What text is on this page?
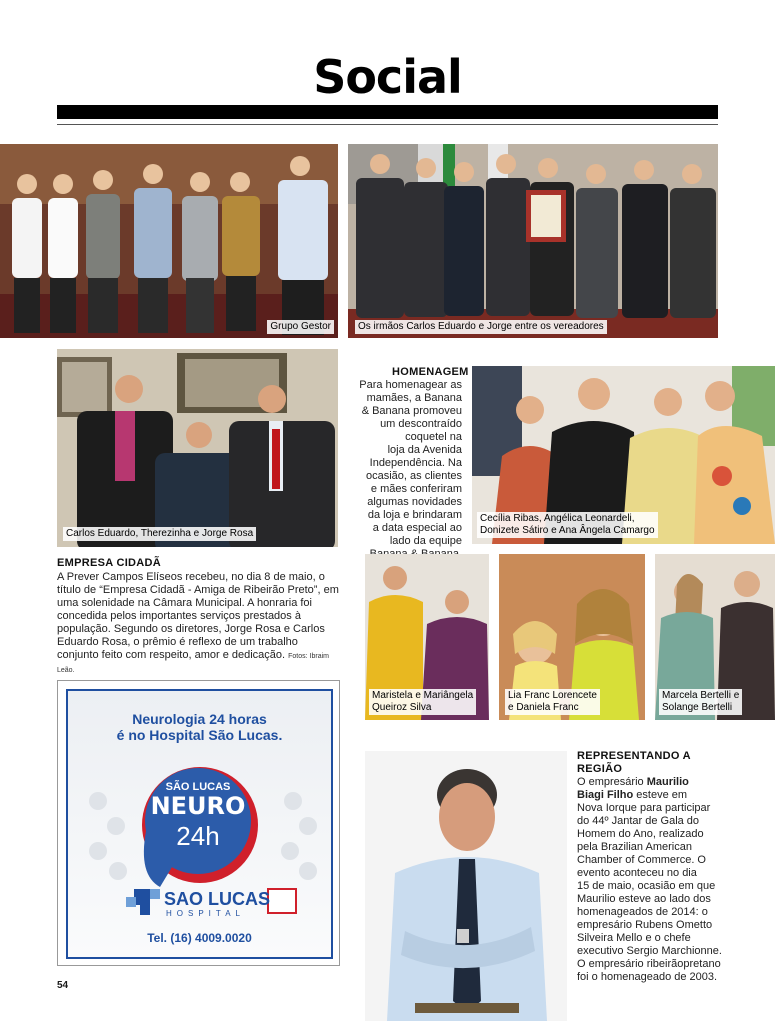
Social
Grupo Gestor	Os irmãos Carlos Eduardo e Jorge entre os vereadores
Carlos Eduardo, Therezinha e Jorge Rosa
EMPRESA CIDADÃ
A Prever Campos Elíseos recebeu, no dia 8 de maio, o título de “Empresa Cidadã - Amiga de Ribeirão Preto”, em uma solenidade na Câmara Municipal. A honraria foi concedida pelos importantes serviços prestados à população. Segundo os diretores, Jorge Rosa e Carlos Eduardo Rosa, o prêmio é reflexo de um trabalho conjunto feito com respeito, amor e dedicação. Fotos: Ibraim Leão.
HOMENAGEM
Para homenagear as
mamães, a Banana
& Banana promoveu
um descontraído
coquetel na
loja da Avenida
Independência. Na
ocasião, as clientes
e mães conferiram
algumas novidades
da loja e brindaram
a data especial ao
lado da equipe
Cecília Ribas, Angélica Leonardeli,
Donizete Sátiro e Ana Ângela Camargo
Maristela e Mariângela
Queiroz Silva
Lia Franc Lorencete
e Daniela Franc
Marcela Bertelli e
Solange Bertelli
REPRESENTANDO A
REGIÃO
O empresário Maurilio
Biagi Filho esteve em
Nova Iorque para participar
do 44º Jantar de Gala do
Homem do Ano, realizado
pela Brazilian American
Chamber of Commerce. O
evento aconteceu no dia
15 de maio, ocasião em que
Maurilio esteve ao lado dos
homenageados de 2014: o
empresário Rubens Ometto
Silveira Mello e o chefe
executivo Sergio Marchionne.
O empresário ribeirãopretano
foi o homenageado de 2003.
Neurologia 24 horas
é no Hospital São Lucas.
SÃO LUCAS
NEURO
24h
SAO LUCAS
HOSPITAL
Tel. (16) 4009.0020
54
